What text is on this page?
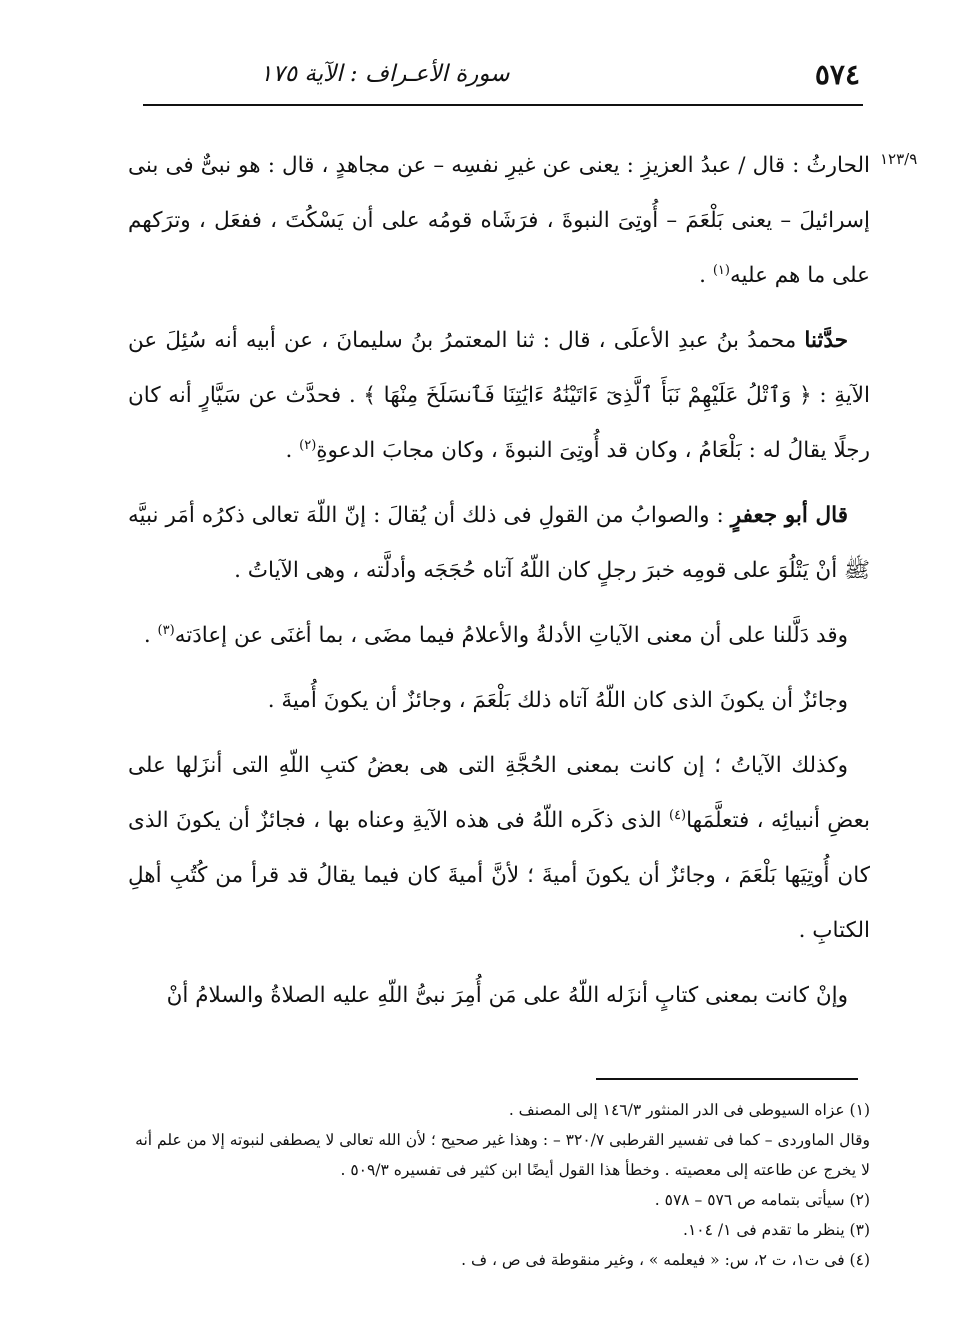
٥٧٤
سورة الأعـراف : الآية ١٧٥
١٢٣/٩

الحارثُ : قال / عبدُ العزيزِ : يعنى عن غيرِ نفسِه – عن مجاهدٍ ، قال : هو نبىٌّ فى بنى إسرائيلَ – يعنى بَلْعَمَ – أُوتِىَ النبوةَ ، فرَشَاه قومُه على أن يَسْكُتَ ، ففعَل ، وترَكهم على ما هم عليه$^{(١)}$ .

حدَّثنا محمدُ بنُ عبدِ الأعلَى ، قال : ثنا المعتمرُ بنُ سليمانَ ، عن أبيه أنه سُئِلَ عن الآيةِ : ﴿ وَٱتْلُ عَلَيْهِمْ نَبَأَ ٱلَّذِىٓ ءَاتَيْنَٰهُ ءَايَٰتِنَا فَٱنسَلَخَ مِنْهَا ﴾ . فحدَّث عن سَيَّارٍ أنه كان رجلًا يقالُ له : بَلْعَامُ ، وكان قد أُوتِىَ النبوةَ ، وكان مجابَ الدعوةِ$^{(٢)}$ .

قال أبو جعفرٍ : والصوابُ من القولِ فى ذلك أن يُقالَ : إنّ اللّهَ تعالى ذكرُه أمَر نبيَّه ﷺ أنْ يَتْلُوَ على قومِه خبرَ رجلٍ كان اللّهُ آتاه حُجَجَه وأدلَّته ، وهى الآياتُ .

وقد دَلَّلنا على أن معنى الآياتِ الأدلةُ والأعلامُ فيما مضَى ، بما أغنَى عن إعادَته$^{(٣)}$ .

وجائزٌ أن يكونَ الذى كان اللّهُ آتاه ذلك بَلْعَمَ ، وجائزٌ أن يكونَ أُميةَ .

وكذلك الآياتُ ؛ إن كانت بمعنى الحُجَّةِ التى هى بعضُ كتبِ اللّهِ التى أنزَلها على بعضِ أنبيائِه ، فتعلَّمَها$^{(٤)}$ الذى ذكَره اللّهُ فى هذه الآيةِ وعناه بها ، فجائزٌ أن يكونَ الذى كان أُوتِيَها بَلْعَمَ ، وجائزٌ أن يكونَ أميةَ ؛ لأنَّ أميةَ كان فيما يقالُ قد قرأ من كُتُبِ أهلِ الكتابِ .

وإنْ كانت بمعنى كتابٍ أنزَله اللّهُ على مَن أُمِرَ نبىُّ اللّهِ عليه الصلاةُ والسلامُ أنْ

(١) عزاه السيوطى فى الدر المنثور ١٤٦/٣ إلى المصنف .

وقال الماوردى – كما فى تفسير القرطبى ٣٢٠/٧ – : وهذا غير صحيح ؛ لأن الله تعالى لا يصطفى لنبوته إلا من علم أنه لا يخرج عن طاعته إلى معصيته . وخطأ هذا القول أيضًا ابن كثير فى تفسيره ٥٠٩/٣ .

(٢) سيأتى بتمامه ص ٥٧٦ – ٥٧٨ .

(٣) ينظر ما تقدم فى ١/ ١٠٤.

(٤) فى ت١، ت ٢، س: « فيعلمه » ، وغير منقوطة فى ص ، ف .
